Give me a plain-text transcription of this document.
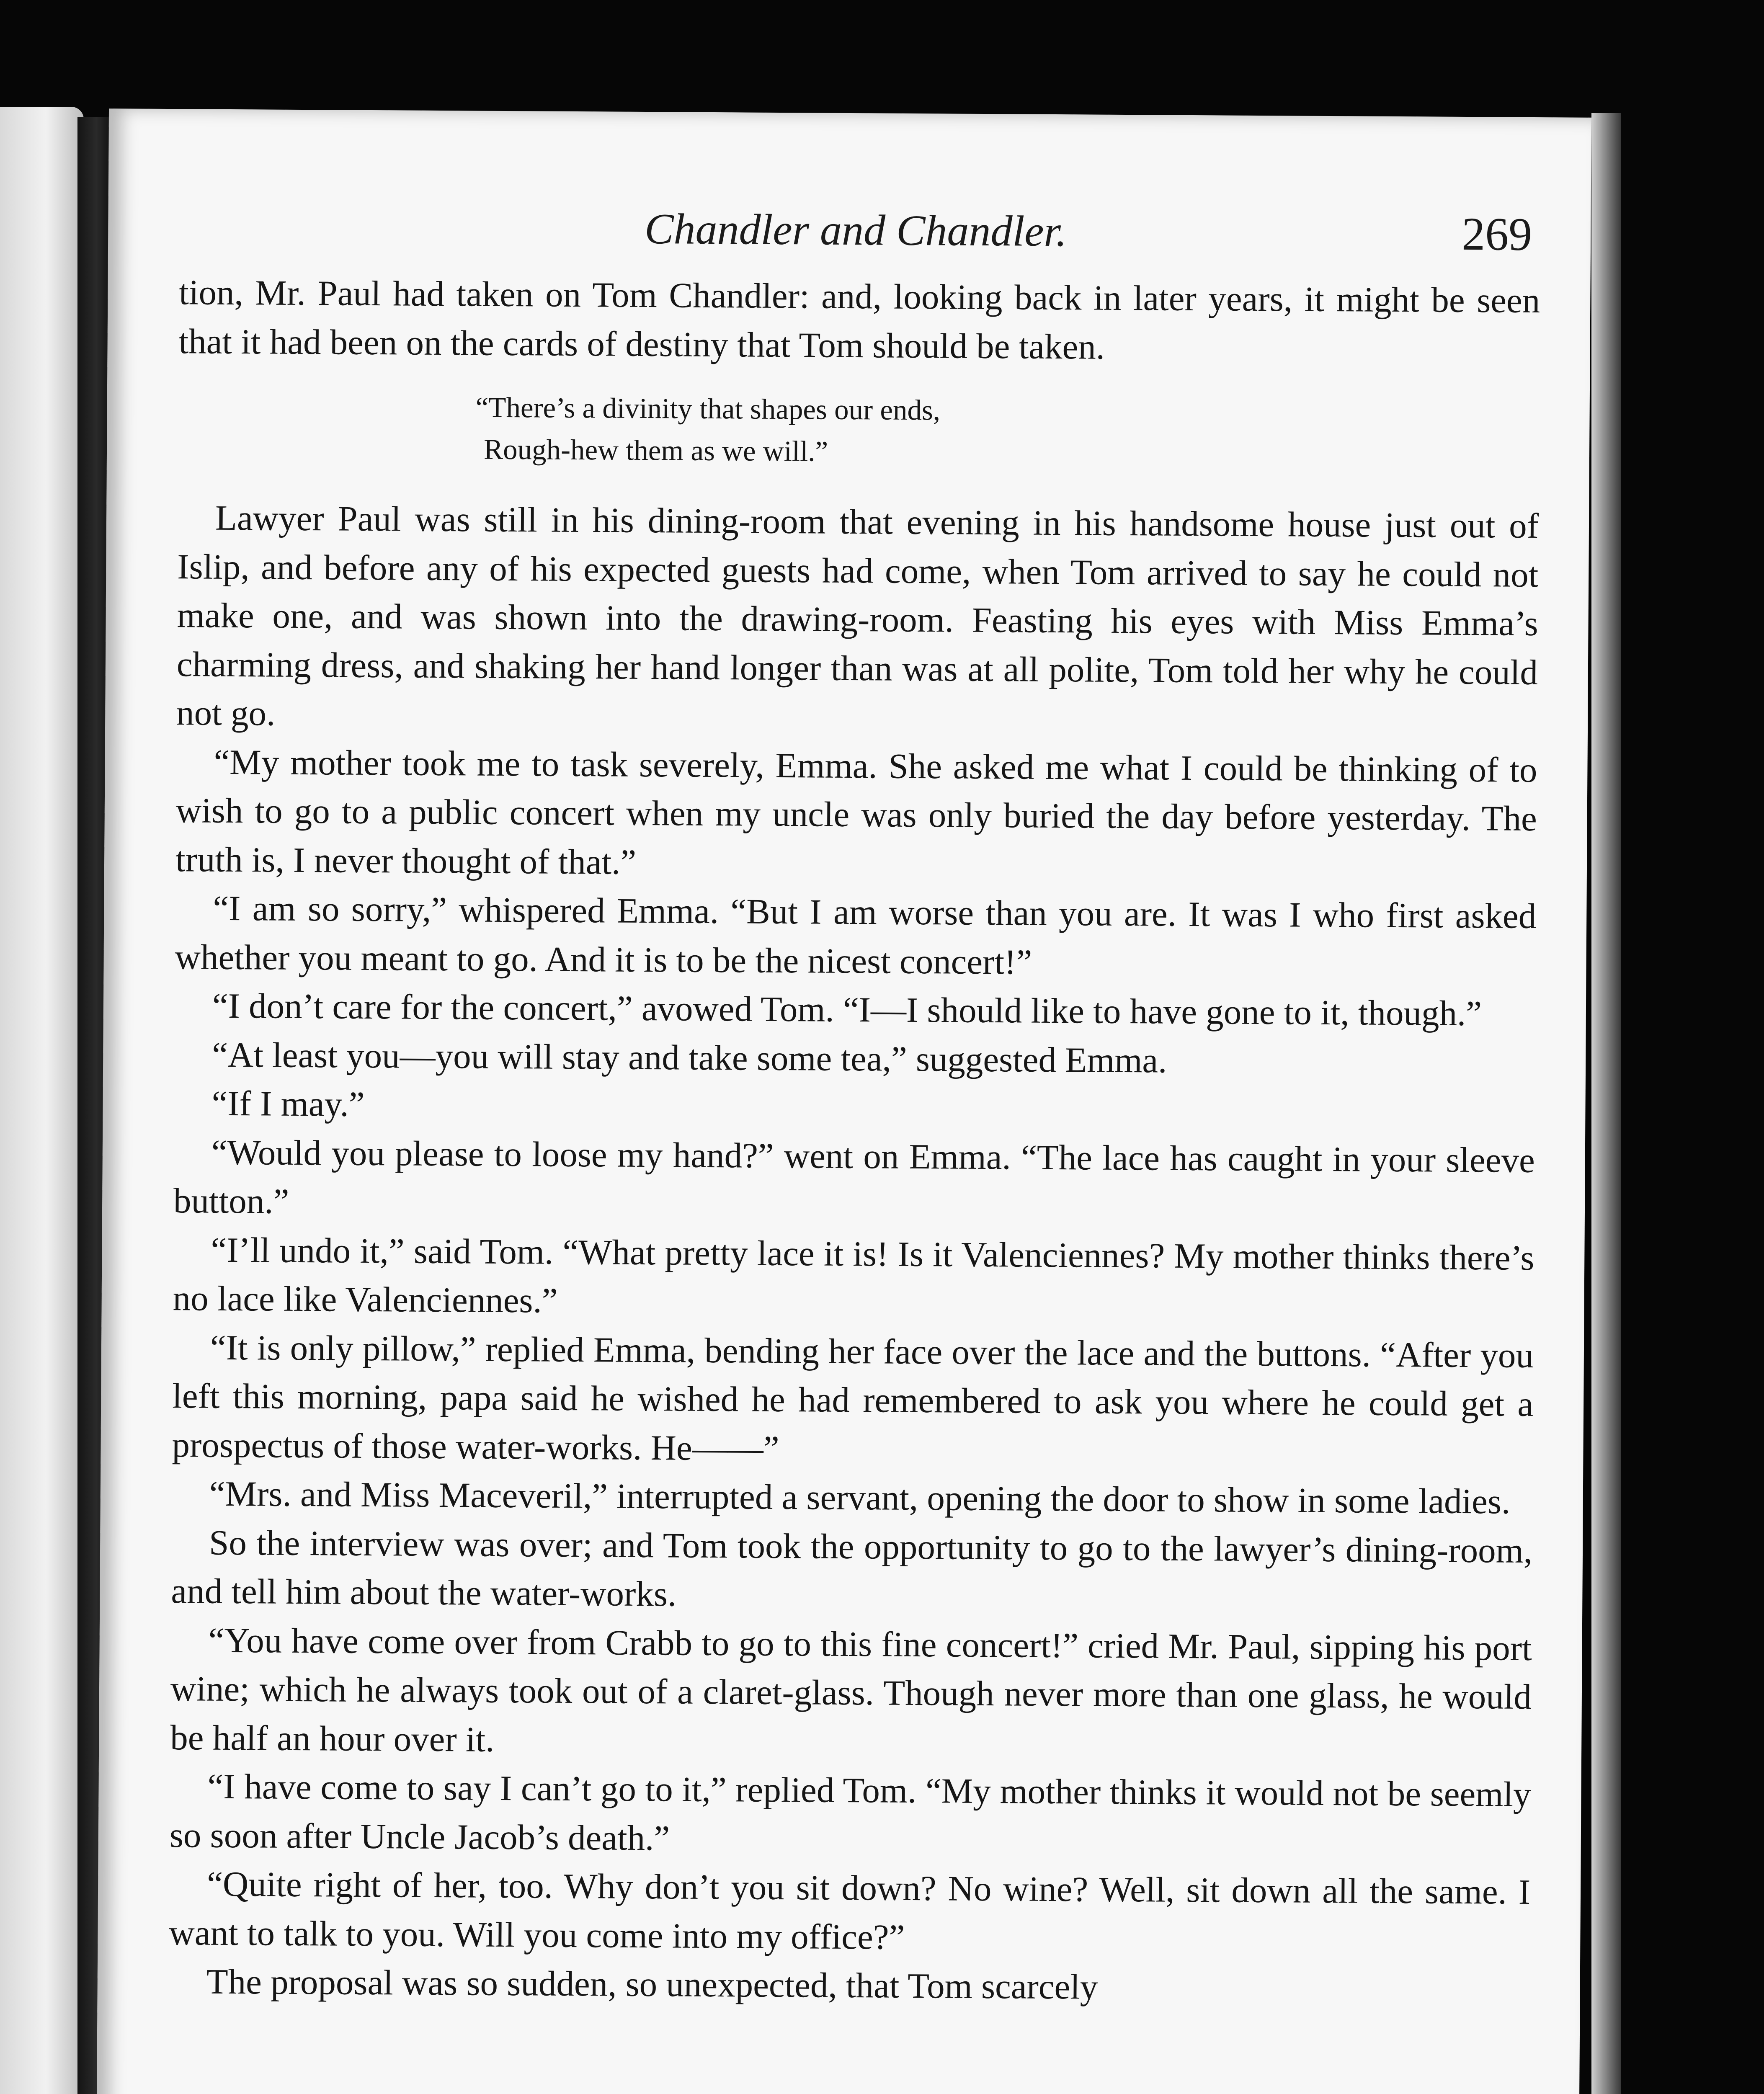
Chandler and Chandler.	269

tion, Mr. Paul had taken on Tom Chandler: and, looking back in later years, it might be seen that it had been on the cards of destiny that Tom should be taken.

“There’s a divinity that shapes our ends,
Rough-hew them as we will.”

Lawyer Paul was still in his dining-room that evening in his handsome house just out of Islip, and before any of his expected guests had come, when Tom arrived to say he could not make one, and was shown into the drawing-room. Feasting his eyes with Miss Emma’s charming dress, and shaking her hand longer than was at all polite, Tom told her why he could not go.

“My mother took me to task severely, Emma. She asked me what I could be thinking of to wish to go to a public concert when my uncle was only buried the day before yesterday. The truth is, I never thought of that.”

“I am so sorry,” whispered Emma. “But I am worse than you are. It was I who first asked whether you meant to go. And it is to be the nicest concert!”

“I don’t care for the concert,” avowed Tom. “I—I should like to have gone to it, though.”

“At least you—you will stay and take some tea,” suggested Emma.

“If I may.”

“Would you please to loose my hand?” went on Emma. “The lace has caught in your sleeve button.”

“I’ll undo it,” said Tom. “What pretty lace it is! Is it Valenciennes? My mother thinks there’s no lace like Valenciennes.”

“It is only pillow,” replied Emma, bending her face over the lace and the buttons. “After you left this morning, papa said he wished he had remembered to ask you where he could get a prospectus of those water-works. He——”

“Mrs. and Miss Maceveril,” interrupted a servant, opening the door to show in some ladies.

So the interview was over; and Tom took the opportunity to go to the lawyer’s dining-room, and tell him about the water-works.

“You have come over from Crabb to go to this fine concert!” cried Mr. Paul, sipping his port wine; which he always took out of a claret-glass. Though never more than one glass, he would be half an hour over it.

“I have come to say I can’t go to it,” replied Tom. “My mother thinks it would not be seemly so soon after Uncle Jacob’s death.”

“Quite right of her, too. Why don’t you sit down? No wine? Well, sit down all the same. I want to talk to you. Will you come into my office?”

The proposal was so sudden, so unexpected, that Tom scarcely
